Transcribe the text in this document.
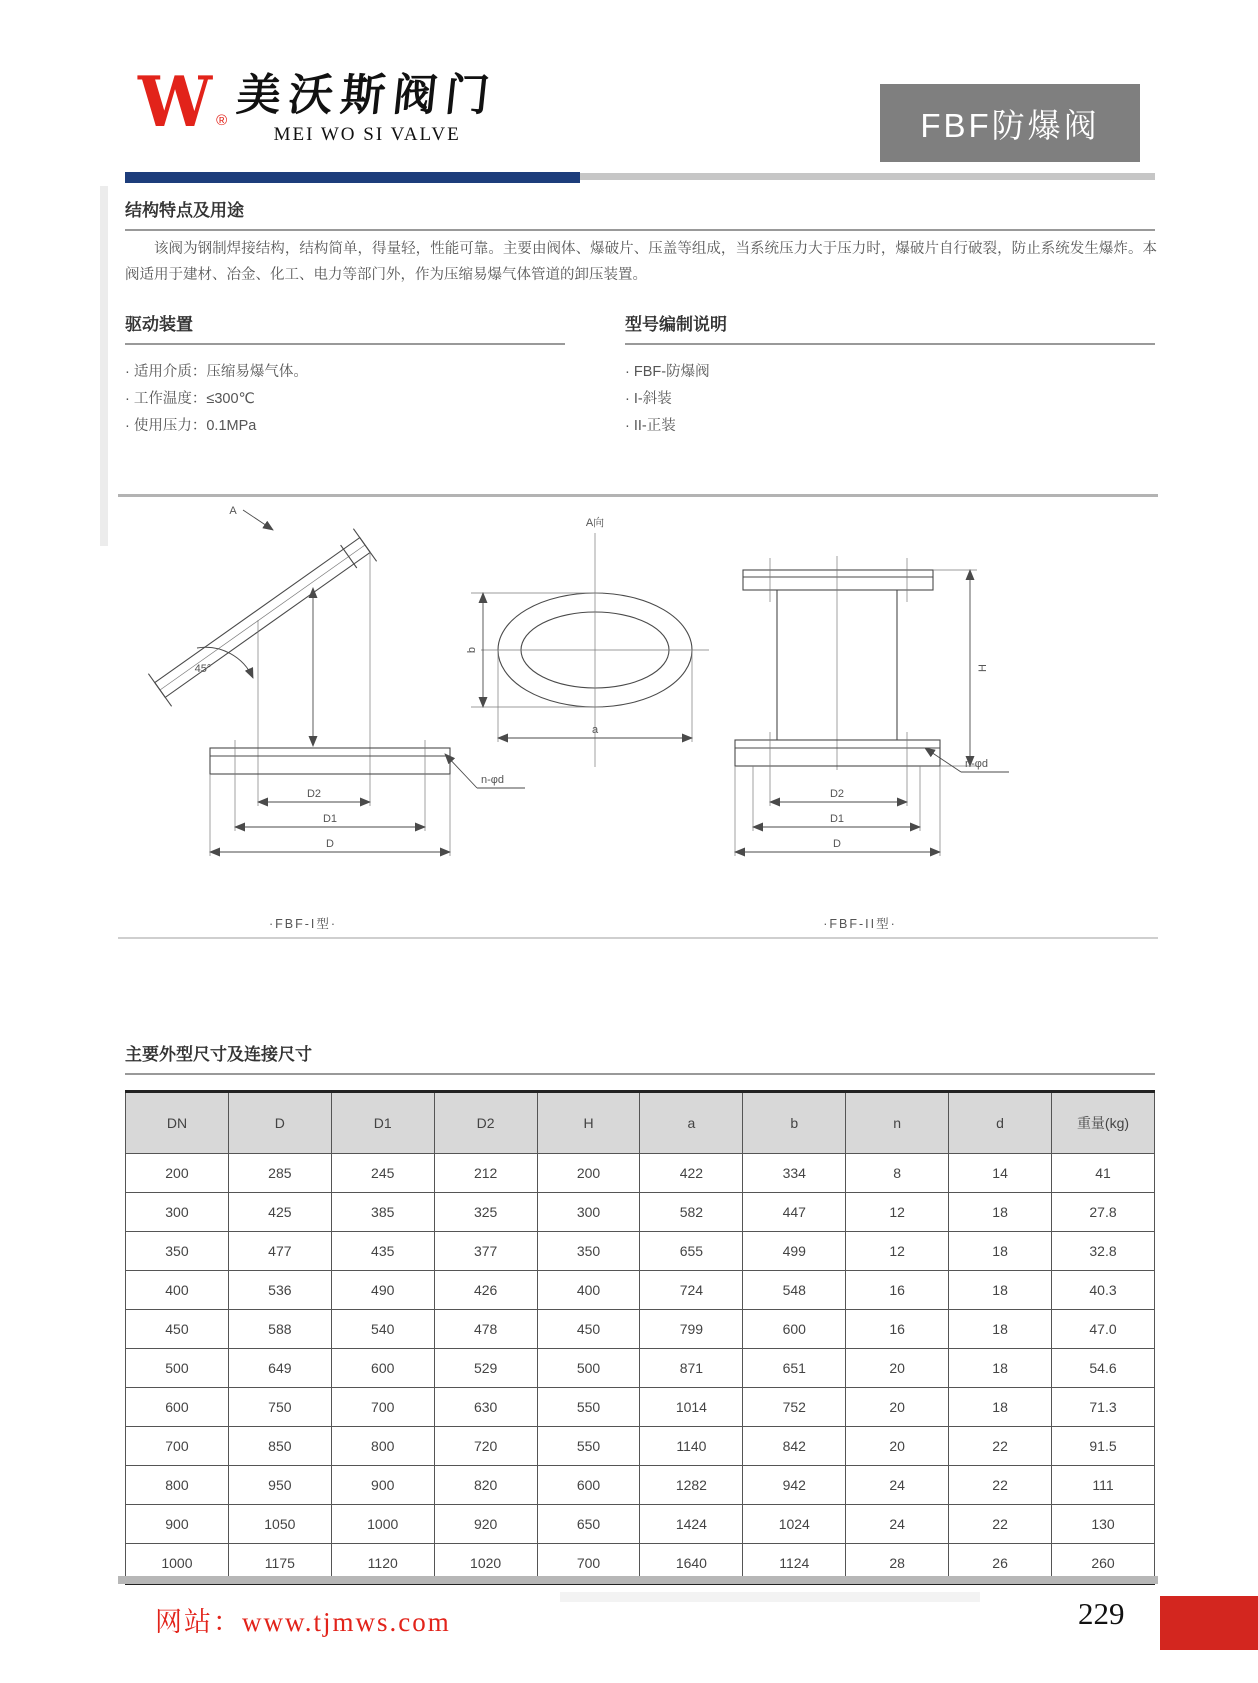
W ®
美沃斯阀门
MEI WO SI VALVE	FBF防爆阀
结构特点及用途
该阀为钢制焊接结构，结构简单，得量轻，性能可靠。主要由阀体、爆破片、压盖等组成，当系统压力大于压力时，爆破片自行破裂，防止系统发生爆炸。本阀适用于建材、冶金、化工、电力等部门外，作为压缩易爆气体管道的卸压装置。
驱动装置
· 适用介质：压缩易爆气体。
· 工作温度：≤300℃
· 使用压力：0.1MPa
型号编制说明
· FBF-防爆阀
· I-斜装
· II-正装
A
45°
D2
D1
D
n-φd
A向
b
a
H
D2
D1
D
n-φd
·FBF-I型·	·FBF-II型·
主要外型尺寸及连接尺寸
DN	D	D1	D2	H	a	b	n	d	重量(kg)
200	285	245	212	200	422	334	8	14	41
300	425	385	325	300	582	447	12	18	27.8
350	477	435	377	350	655	499	12	18	32.8
400	536	490	426	400	724	548	16	18	40.3
450	588	540	478	450	799	600	16	18	47.0
500	649	600	529	500	871	651	20	18	54.6
600	750	700	630	550	1014	752	20	18	71.3
700	850	800	720	550	1140	842	20	22	91.5
800	950	900	820	600	1282	942	24	22	111
900	1050	1000	920	650	1424	1024	24	22	130
1000	1175	1120	1020	700	1640	1124	28	26	260
网站：www.tjmws.com	229
